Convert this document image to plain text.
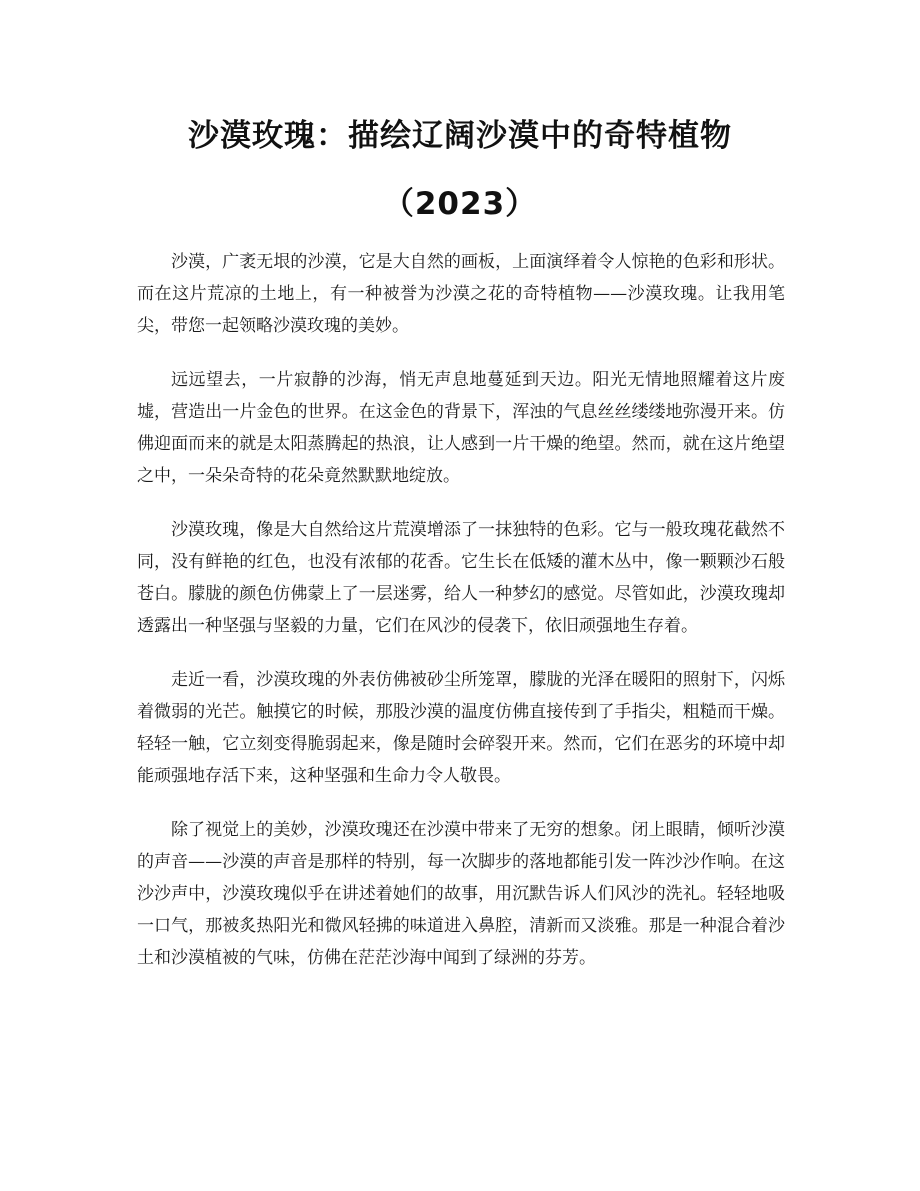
沙漠玫瑰：描绘辽阔沙漠中的奇特植物（2023）

沙漠，广袤无垠的沙漠，它是大自然的画板，上面演绎着令人惊艳的色彩和形状。而在这片荒凉的土地上，有一种被誉为沙漠之花的奇特植物——沙漠玫瑰。让我用笔尖，带您一起领略沙漠玫瑰的美妙。

远远望去，一片寂静的沙海，悄无声息地蔓延到天边。阳光无情地照耀着这片废墟，营造出一片金色的世界。在这金色的背景下，浑浊的气息丝丝缕缕地弥漫开来。仿佛迎面而来的就是太阳蒸腾起的热浪，让人感到一片干燥的绝望。然而，就在这片绝望之中，一朵朵奇特的花朵竟然默默地绽放。

沙漠玫瑰，像是大自然给这片荒漠增添了一抹独特的色彩。它与一般玫瑰花截然不同，没有鲜艳的红色，也没有浓郁的花香。它生长在低矮的灌木丛中，像一颗颗沙石般苍白。朦胧的颜色仿佛蒙上了一层迷雾，给人一种梦幻的感觉。尽管如此，沙漠玫瑰却透露出一种坚强与坚毅的力量，它们在风沙的侵袭下，依旧顽强地生存着。

走近一看，沙漠玫瑰的外表仿佛被砂尘所笼罩，朦胧的光泽在暖阳的照射下，闪烁着微弱的光芒。触摸它的时候，那股沙漠的温度仿佛直接传到了手指尖，粗糙而干燥。轻轻一触，它立刻变得脆弱起来，像是随时会碎裂开来。然而，它们在恶劣的环境中却能顽强地存活下来，这种坚强和生命力令人敬畏。

除了视觉上的美妙，沙漠玫瑰还在沙漠中带来了无穷的想象。闭上眼睛，倾听沙漠的声音——沙漠的声音是那样的特别，每一次脚步的落地都能引发一阵沙沙作响。在这沙沙声中，沙漠玫瑰似乎在讲述着她们的故事，用沉默告诉人们风沙的洗礼。轻轻地吸一口气，那被炙热阳光和微风轻拂的味道进入鼻腔，清新而又淡雅。那是一种混合着沙土和沙漠植被的气味，仿佛在茫茫沙海中闻到了绿洲的芬芳。
